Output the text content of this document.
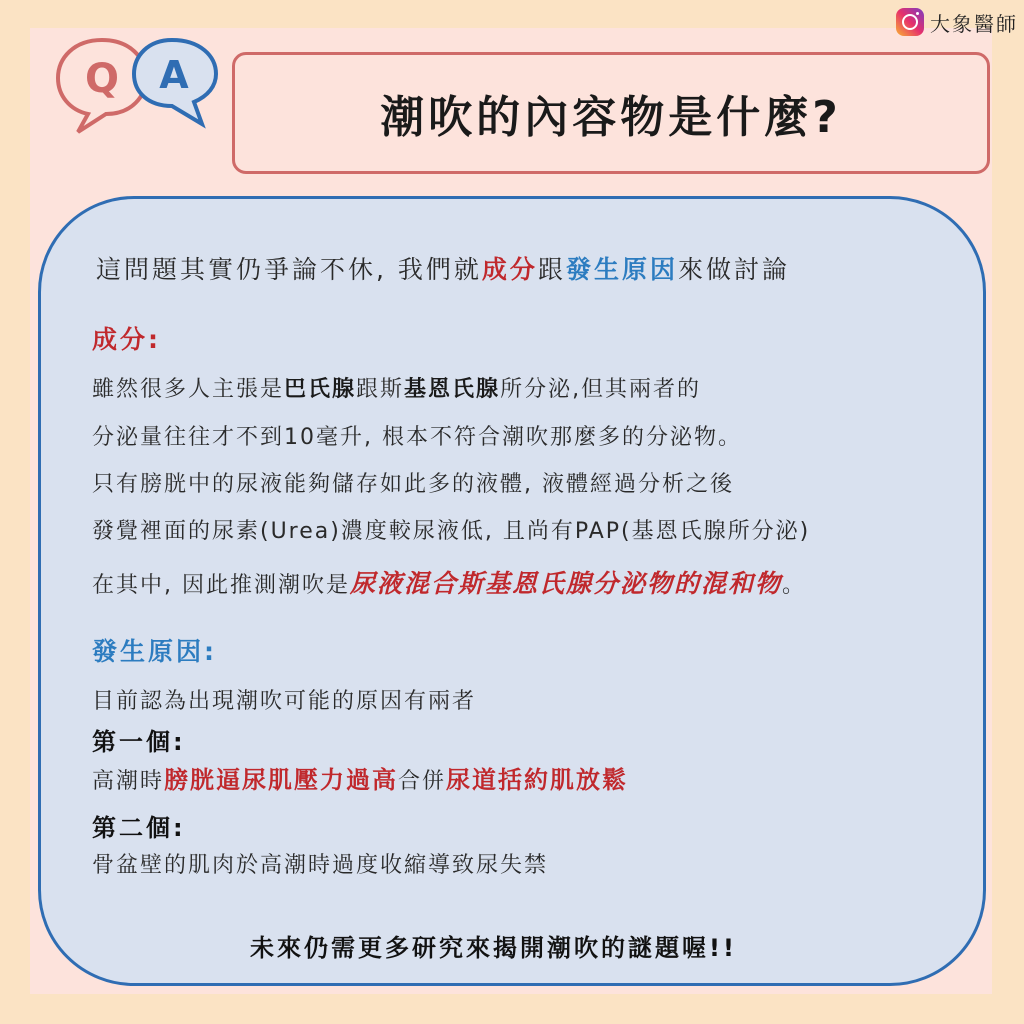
大象醫師
Q A
潮吹的內容物是什麼?
這問題其實仍爭論不休, 我們就成分跟發生原因來做討論
成分:
雖然很多人主張是巴氏腺跟斯基恩氏腺所分泌,但其兩者的
分泌量往往才不到10毫升, 根本不符合潮吹那麼多的分泌物。
只有膀胱中的尿液能夠儲存如此多的液體, 液體經過分析之後
發覺裡面的尿素(Urea)濃度較尿液低, 且尚有PAP(基恩氏腺所分泌)
在其中, 因此推測潮吹是尿液混合斯基恩氏腺分泌物的混和物。
發生原因:
目前認為出現潮吹可能的原因有兩者
第一個:
高潮時膀胱逼尿肌壓力過高合併尿道括約肌放鬆
第二個:
骨盆壁的肌肉於高潮時過度收縮導致尿失禁
未來仍需更多研究來揭開潮吹的謎題喔!!
